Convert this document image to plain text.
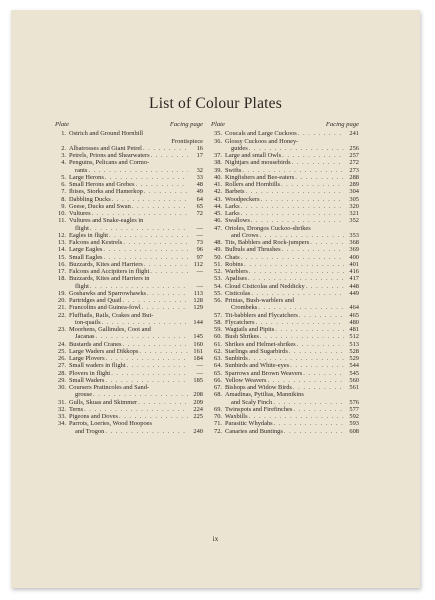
List of Colour Plates
Plate	Facing page
1. Ostrich and Ground Hornbill
Frontispiece
2. Albatrosses and Giant Petrel . . .	16
3. Petrels, Prions and Shearwaters . . .	17
4. Penguins, Pelicans and Cormo-
rants . . .	32
5. Large Herons . . .	33
6. Small Herons and Grebes . . .	48
7. Ibises, Storks and Hamerkop . . .	49
8. Dabbling Ducks . . .	64
9. Geese, Ducks and Swan . . .	65
10. Vultures . . .	72
11. Vultures and Snake-eagles in
flight . . .	—
12. Eagles in flight . . .	—
13. Falcons and Kestrels . . .	73
14. Large Eagles . . .	96
15. Small Eagles . . .	97
16. Buzzards, Kites and Harriers . . .	112
17. Falcons and Accipiters in flight . . .	—
18. Buzzards, Kites and Harriers in
flight . . .	—
19. Goshawks and Sparrowhawks . . .	113
20. Partridges and Quail . . .	128
21. Francolins and Guinea-fowl . . .	129
22. Flufftails, Rails, Crakes and But-
ton-quails . . .	144
23. Moorhens, Gallinules, Coot and
Jacanas . . .	145
24. Bustards and Cranes . . .	160
25. Large Waders and Dikkops . . .	161
26. Large Plovers . . .	184
27. Small waders in flight . . .	—
28. Plovers in flight . . .	—
29. Small Waders . . .	185
30. Coursers Pratincoles and Sand-
grouse . . .	208
31. Gulls, Skuas and Skimmer . . .	209
32. Terns . . .	224
33. Pigeons and Doves . . .	225
34. Parrots, Loeries, Wood Hoopoes
and Trogon . . .	240
Plate	Facing page
35. Coucals and Large Cuckoos . . .	241
36. Glossy Cuckoos and Honey-
guides . . .	256
37. Large and small Owls . . .	257
38. Nightjars and mousebirds . . .	272
39. Swifts . . .	273
40. Kingfishers and Bee-eaters . . .	288
41. Rollers and Hornbills . . .	289
42. Barbets . . .	304
43. Woodpeckers . . .	305
44. Larks . . .	320
45. Larks . . .	321
46. Swallows . . .	352
47. Orioles, Drongos Cuckoo-shrikes
and Crows . . .	353
48. Tits, Babblers and Rock-jumpers . . .	368
49. Bulbuls and Thrushes . . .	369
50. Chats . . .	400
51. Robins . . .	401
52. Warblers . . .	416
53. Apalises . . .	417
54. Cloud Cisticolas and Neddicky . . .	448
55. Cisticolas . . .	449
56. Prinias, Bush-warblers and
Crombeks . . .	464
57. Tit-babblers and Flycatchers . . .	465
58. Flycatchers . . .	480
59. Wagtails and Pipits . . .	481
60. Bush Shrikes . . .	512
61. Shrikes and Helmet-shrikes . . .	513
62. Starlings and Sugarbirds . . .	528
63. Sunbirds . . .	529
64. Sunbirds and White-eyes . . .	544
65. Sparrows and Brown Weavers . . .	545
66. Yellow Weavers . . .	560
67. Bishops and Widow Birds . . .	561
68. Amadinas, Pytilias, Mannikins
and Scaly Finch . . .	576
69. Twinspots and Firefinches . . .	577
70. Waxbills . . .	592
71. Parasitic Whydahs . . .	593
72. Canaries and Buntings . . .	608
ix
